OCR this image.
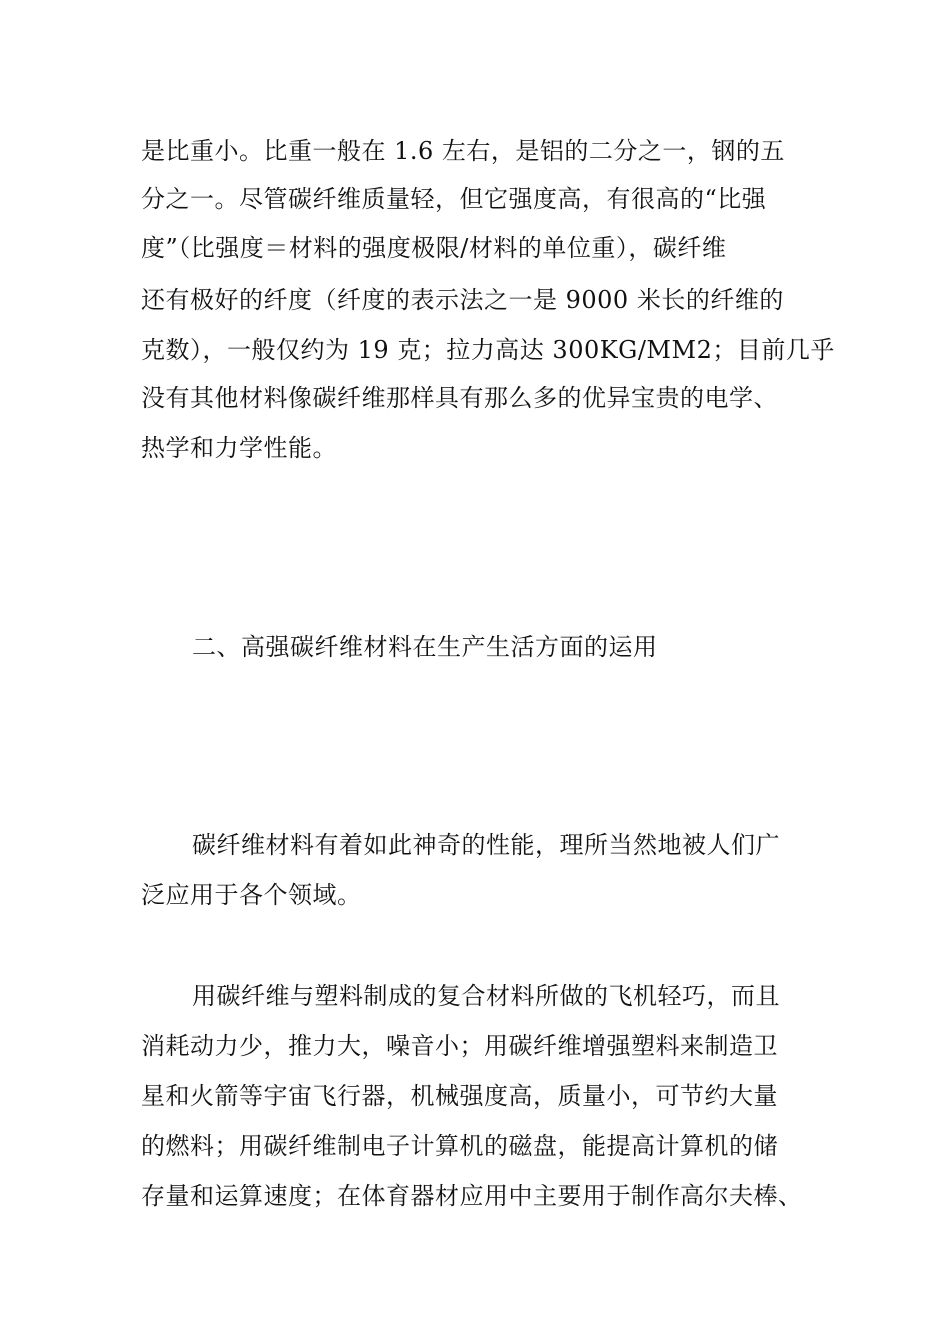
是比重小。比重一般在 1.6 左右，是铝的二分之一，钢的五
分之一。尽管碳纤维质量轻，但它强度高，有很高的“比强
度”（比强度＝材料的强度极限/材料的单位重），碳纤维
还有极好的纤度（纤度的表示法之一是 9000 米长的纤维的
克数），一般仅约为 19 克；拉力高达 300KG/MM2；目前几乎
没有其他材料像碳纤维那样具有那么多的优异宝贵的电学、
热学和力学性能。
二、高强碳纤维材料在生产生活方面的运用
碳纤维材料有着如此神奇的性能，理所当然地被人们广
泛应用于各个领域。
用碳纤维与塑料制成的复合材料所做的飞机轻巧，而且
消耗动力少，推力大，噪音小；用碳纤维增强塑料来制造卫
星和火箭等宇宙飞行器，机械强度高，质量小，可节约大量
的燃料；用碳纤维制电子计算机的磁盘，能提高计算机的储
存量和运算速度；在体育器材应用中主要用于制作高尔夫棒、
